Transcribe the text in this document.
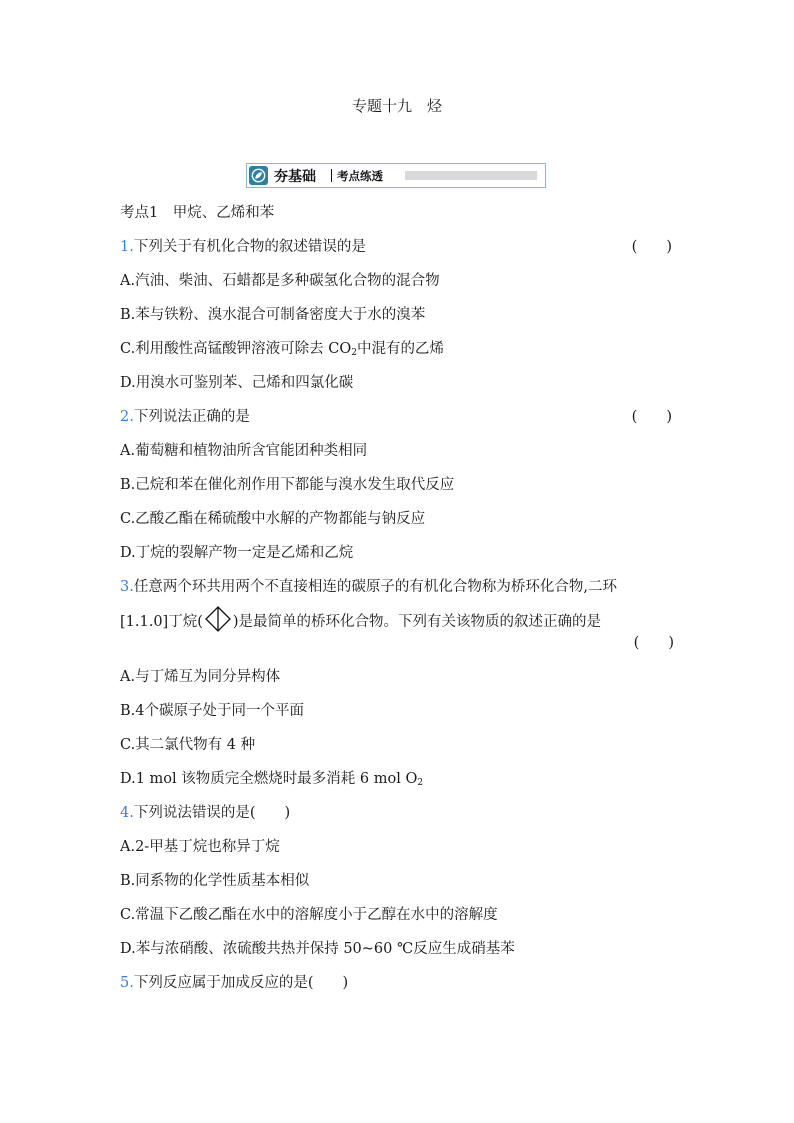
专题十九　烃
夯基础 考点练透
考点1　甲烷、乙烯和苯
1.下列关于有机化合物的叙述错误的是	(　　)
A.汽油、柴油、石蜡都是多种碳氢化合物的混合物
B.苯与铁粉、溴水混合可制备密度大于水的溴苯
C.利用酸性高锰酸钾溶液可除去 $CO_2$中混有的乙烯
D.用溴水可鉴别苯、己烯和四氯化碳
2.下列说法正确的是	(　　)
A.葡萄糖和植物油所含官能团种类相同
B.己烷和苯在催化剂作用下都能与溴水发生取代反应
C.乙酸乙酯在稀硫酸中水解的产物都能与钠反应
D.丁烷的裂解产物一定是乙烯和乙烷
3.任意两个环共用两个不直接相连的碳原子的有机化合物称为桥环化合物,二环
[1.1.0]丁烷( )是最简单的桥环化合物。下列有关该物质的叙述正确的是
(　　)
A.与丁烯互为同分异构体
B.4个碳原子处于同一个平面
C.其二氯代物有 4 种
D.1 mol 该物质完全燃烧时最多消耗 6 mol $O_2$
4.下列说法错误的是(　　)
A.2-甲基丁烷也称异丁烷
B.同系物的化学性质基本相似
C.常温下乙酸乙酯在水中的溶解度小于乙醇在水中的溶解度
D.苯与浓硝酸、浓硫酸共热并保持 50~60 ℃反应生成硝基苯
5.下列反应属于加成反应的是(　　)
